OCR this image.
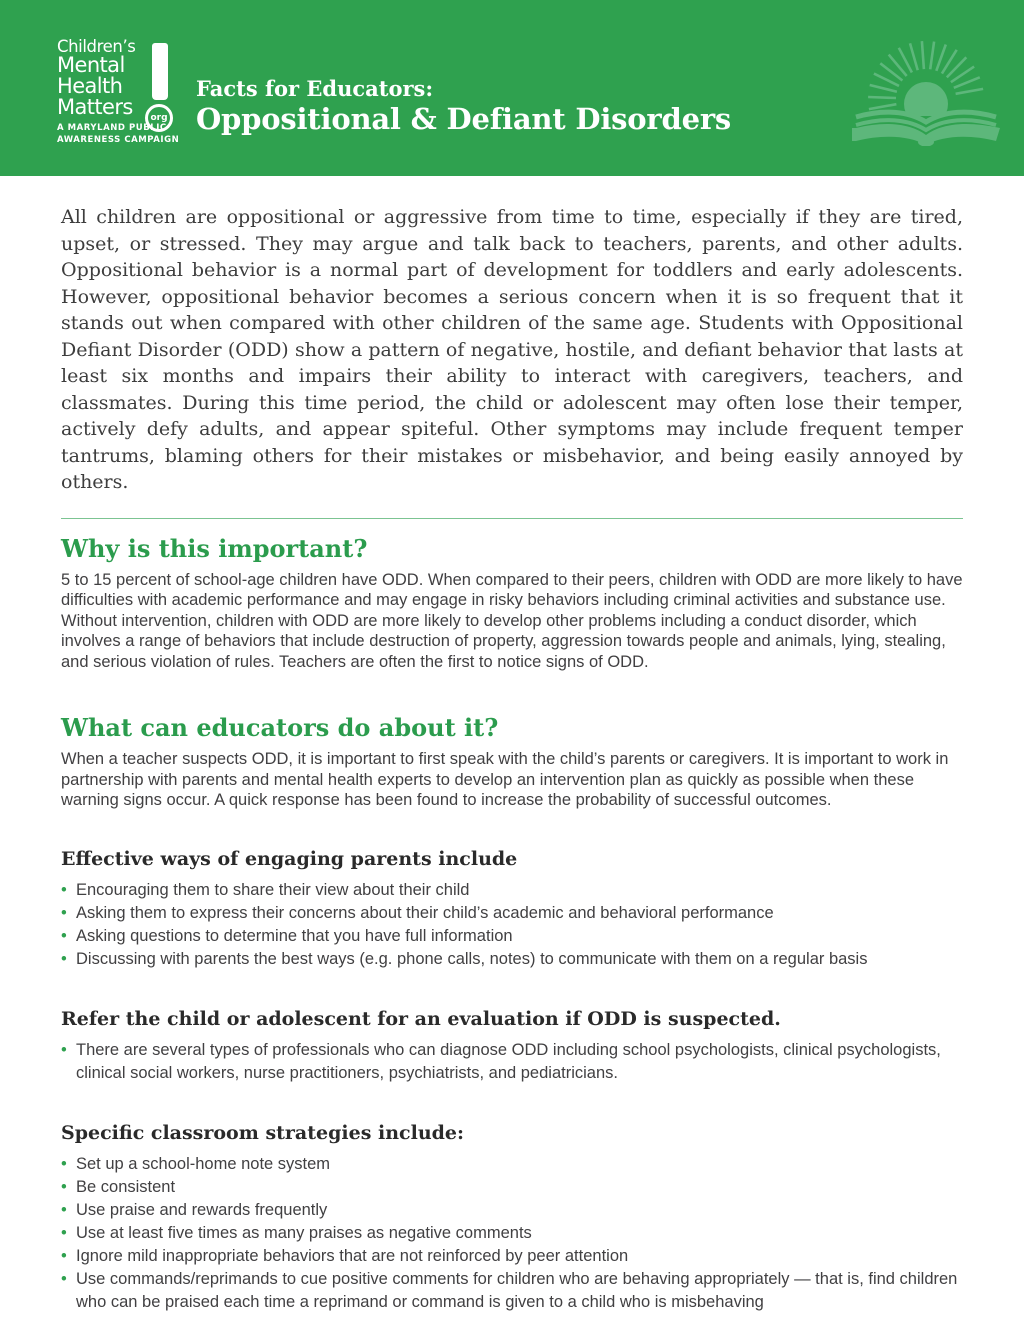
Children’s
Mental
Health
Matters	org
A MARYLAND PUBLIC
AWARENESS CAMPAIGN
Facts for Educators:
Oppositional & Defiant Disorders

All children are oppositional or aggressive from time to time, especially if they are tired, upset, or stressed. They may argue and talk back to teachers, parents, and other adults. Oppositional behavior is a normal part of development for toddlers and early adolescents. However, oppositional behavior becomes a serious concern when it is so frequent that it stands out when compared with other children of the same age. Students with Oppositional Defiant Disorder (ODD) show a pattern of negative, hostile, and defiant behavior that lasts at least six months and impairs their ability to interact with caregivers, teachers, and classmates. During this time period, the child or adolescent may often lose their temper, actively defy adults, and appear spiteful. Other symptoms may include frequent temper tantrums, blaming others for their mistakes or misbehavior, and being easily annoyed by others.

Why is this important?

5 to 15 percent of school-age children have ODD. When compared to their peers, children with ODD are more likely to have difficulties with academic performance and may engage in risky behaviors including criminal activities and substance use. Without intervention, children with ODD are more likely to develop other problems including a conduct disorder, which involves a range of behaviors that include destruction of property, aggression towards people and animals, lying, stealing, and serious violation of rules. Teachers are often the first to notice signs of ODD.

What can educators do about it?

When a teacher suspects ODD, it is important to first speak with the child’s parents or caregivers. It is important to work in partnership with parents and mental health experts to develop an intervention plan as quickly as possible when these warning signs occur. A quick response has been found to increase the probability of successful outcomes.

Effective ways of engaging parents include
•
Encouraging them to share their view about their child
•
Asking them to express their concerns about their child’s academic and behavioral performance
•
Asking questions to determine that you have full information
•
Discussing with parents the best ways (e.g. phone calls, notes) to communicate with them on a regular basis
Refer the child or adolescent for an evaluation if ODD is suspected.
•
There are several types of professionals who can diagnose ODD including school psychologists, clinical psychologists, clinical social workers, nurse practitioners, psychiatrists, and pediatricians.
Specific classroom strategies include:
•
Set up a school-home note system
•
Be consistent
•
Use praise and rewards frequently
•
Use at least five times as many praises as negative comments
•
Ignore mild inappropriate behaviors that are not reinforced by peer attention
•
Use commands/reprimands to cue positive comments for children who are behaving appropriately — that is, find children who can be praised each time a reprimand or command is given to a child who is misbehaving
